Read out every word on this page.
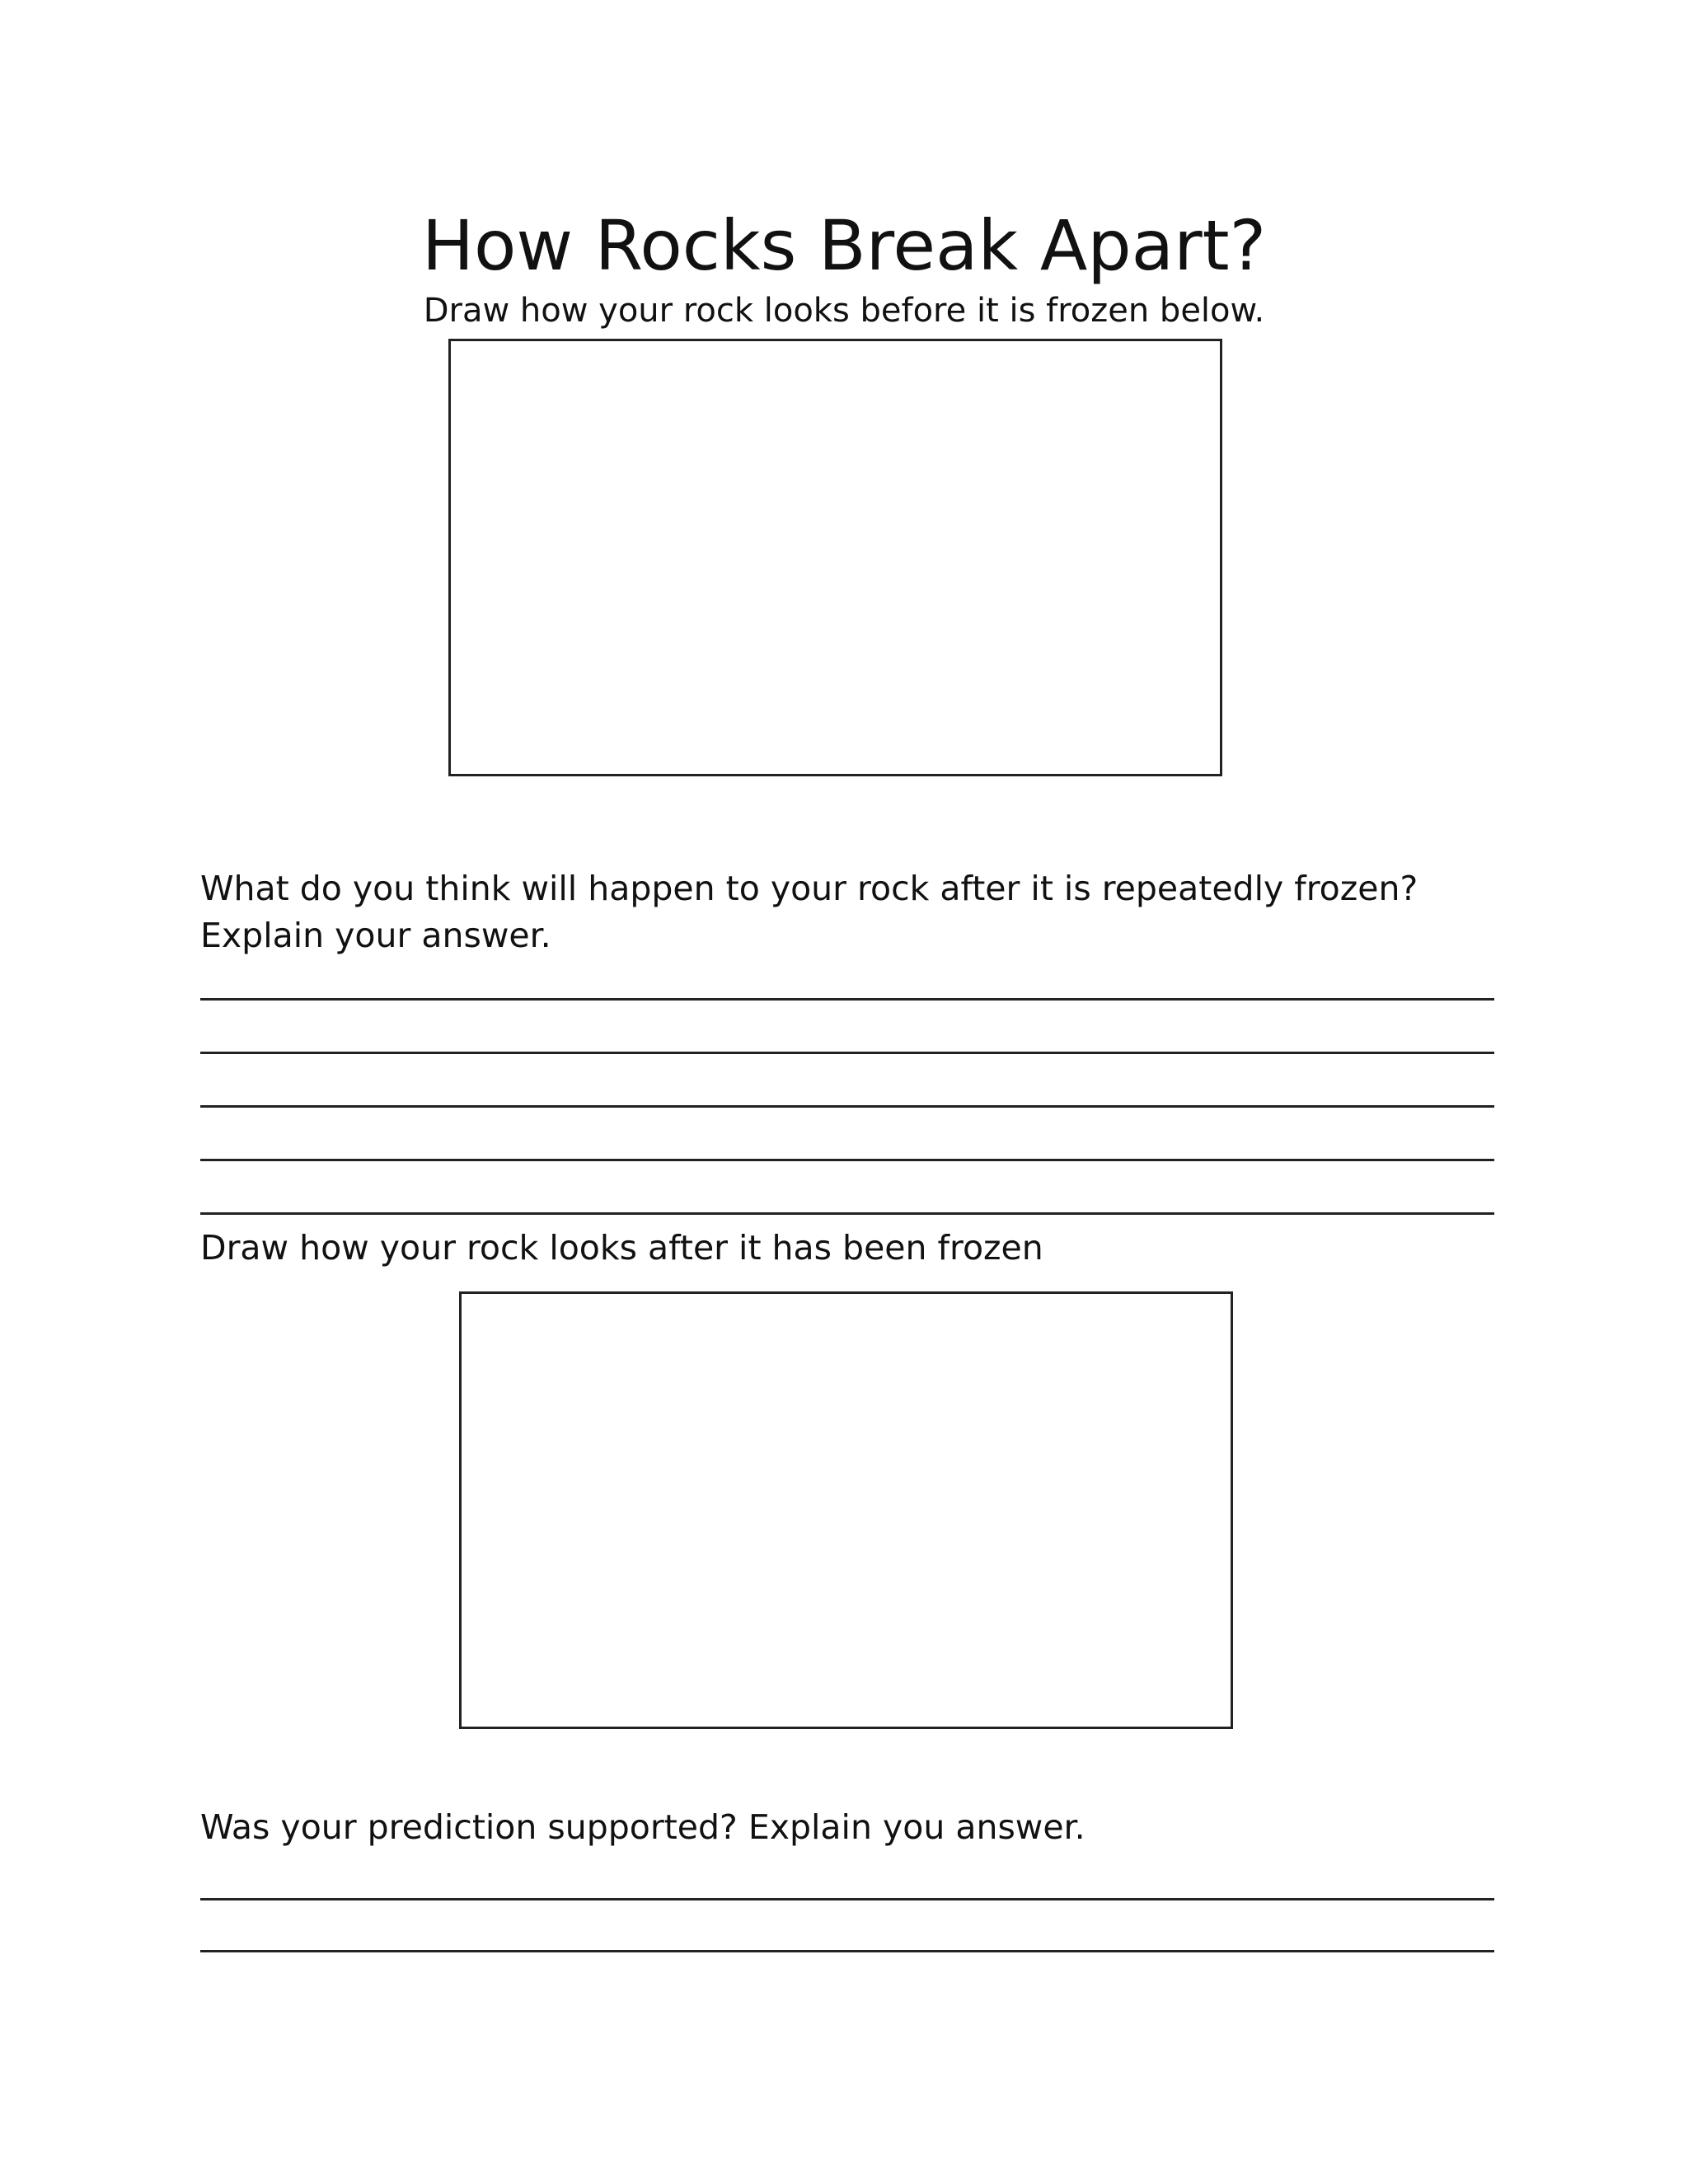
How Rocks Break Apart?
Draw how your rock looks before it is frozen below.
What do you think will happen to your rock after it is repeatedly frozen? Explain your answer.
Draw how your rock looks after it has been frozen
Was your prediction supported? Explain you answer.
